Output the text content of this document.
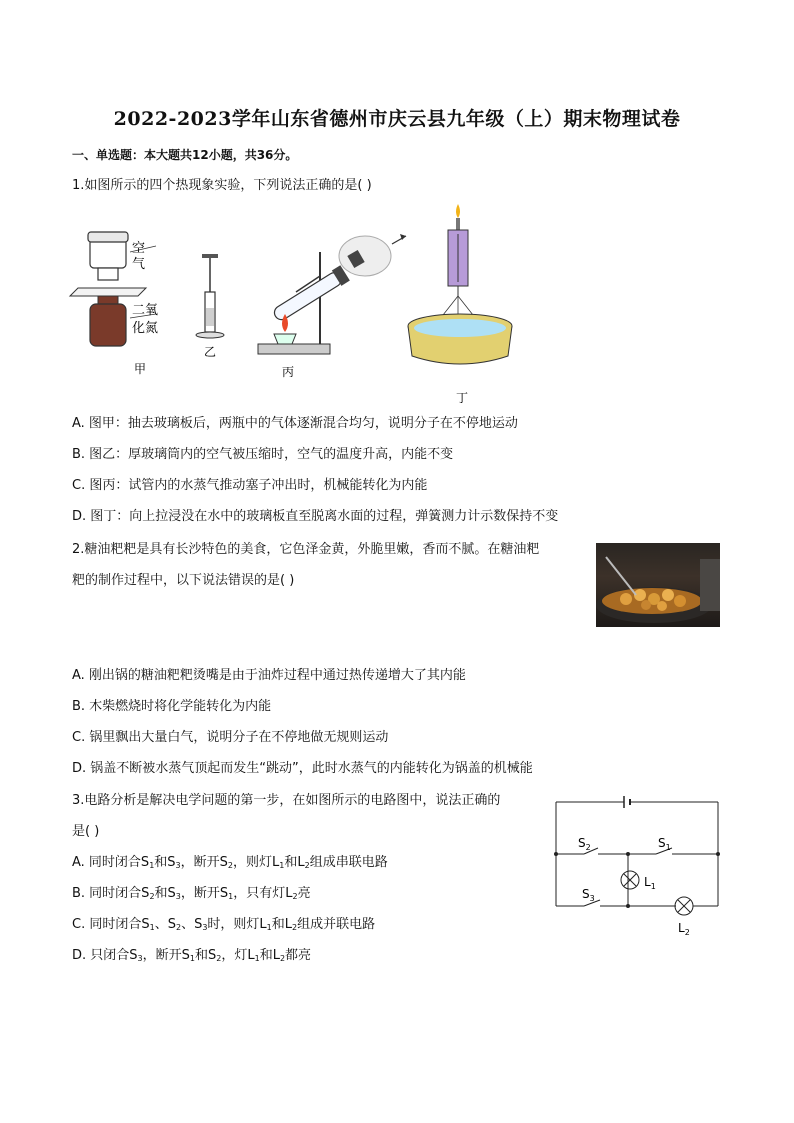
2022-2023学年山东省德州市庆云县九年级（上）期末物理试卷
一、单选题：本大题共12小题，共36分。
1.如图所示的四个热现象实验，下列说法正确的是( )
空
气
二氧
化氮
甲
乙
丙
丁
A. 图甲：抽去玻璃板后，两瓶中的气体逐渐混合均匀，说明分子在不停地运动
B. 图乙：厚玻璃筒内的空气被压缩时，空气的温度升高，内能不变
C. 图丙：试管内的水蒸气推动塞子冲出时，机械能转化为内能
D. 图丁：向上拉浸没在水中的玻璃板直至脱离水面的过程，弹簧测力计示数保持不变
2.糖油粑粑是具有长沙特色的美食，它色泽金黄，外脆里嫩，香而不腻。在糖油粑
粑的制作过程中，以下说法错误的是( )
A. 刚出锅的糖油粑粑烫嘴是由于油炸过程中通过热传递增大了其内能
B. 木柴燃烧时将化学能转化为内能
C. 锅里飘出大量白气，说明分子在不停地做无规则运动
D. 锅盖不断被水蒸气顶起而发生“跳动”，此时水蒸气的内能转化为锅盖的机械能
3.电路分析是解决电学问题的第一步，在如图所示的电路图中，说法正确的
是( )
$S_2$	$S_1$
$S_3$
$L_1$
$L_2$
A. 同时闭合$S_1$和$S_3$，断开$S_2$，则灯$L_1$和$L_2$组成串联电路
B. 同时闭合$S_2$和$S_3$，断开$S_1$，只有灯$L_2$亮
C. 同时闭合$S_1$、$S_2$、$S_3$时，则灯$L_1$和$L_2$组成并联电路
D. 只闭合$S_3$，断开$S_1$和$S_2$，灯$L_1$和$L_2$都亮
